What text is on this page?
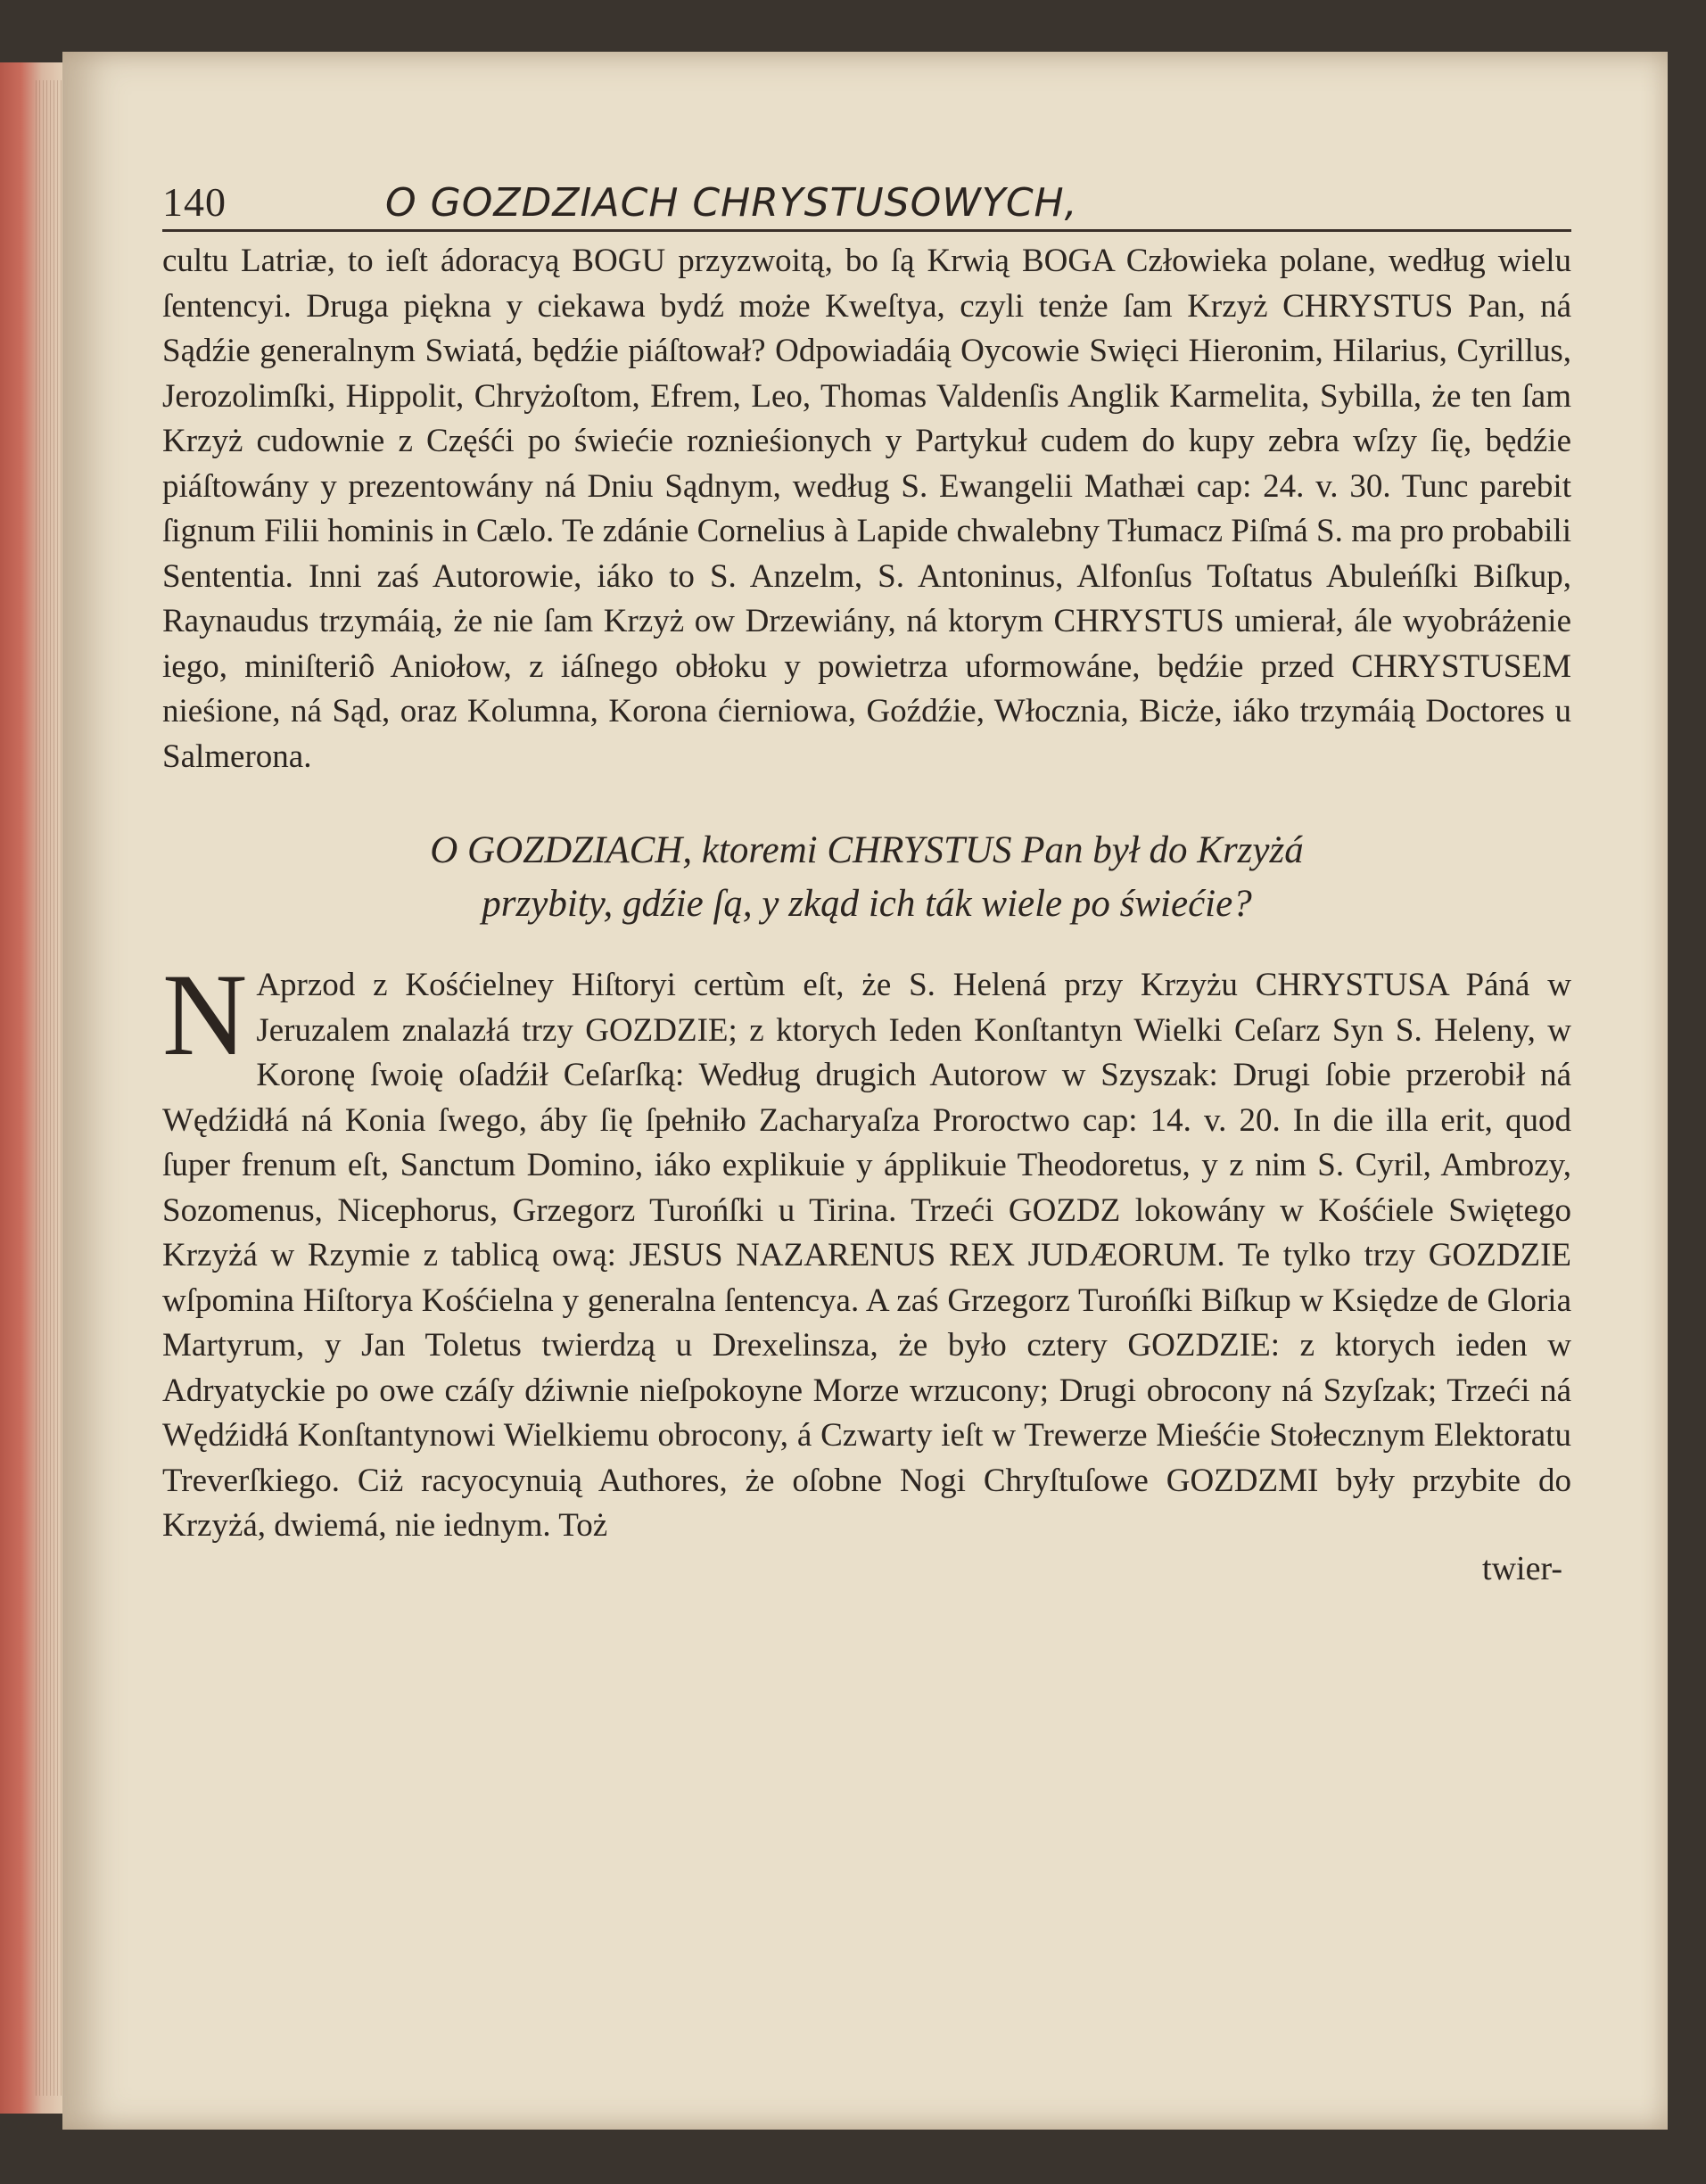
140	O GOZDZIACH CHRYSTUSOWYCH,

cultu Latriæ, to ieſt ádoracyą BOGU przyzwoitą, bo ſą Krwią BOGA Człowieka polane, według wielu ſentencyi. Druga piękna y ciekawa bydź może Kweſtya, czyli tenże ſam Krzyż CHRYSTUS Pan, ná Sądźie generalnym Swiatá, będźie piáſtował? Odpowiadáią Oycowie Swięci Hieronim, Hilarius, Cyrillus, Jerozolimſki, Hippolit, Chryżoſtom, Efrem, Leo, Thomas Valdenſis Anglik Karmelita, Sybilla, że ten ſam Krzyż cudownie z Częśći po świećie roznieśionych y Partykuł cudem do kupy zebra wſzy ſię, będźie piáſtowány y prezentowány ná Dniu Sądnym, według S. Ewangelii Mathæi cap: 24. v. 30. Tunc parebit ſignum Filii hominis in Cælo. Te zdánie Cornelius à Lapide chwalebny Tłumacz Piſmá S. ma pro probabili Sententia. Inni zaś Autorowie, iáko to S. Anzelm, S. Antoninus, Alfonſus Toſtatus Abuleńſki Biſkup, Raynaudus trzymáią, że nie ſam Krzyż ow Drzewiány, ná ktorym CHRYSTUS umierał, ále wyobráżenie iego, miniſteriô Aniołow, z iáſnego obłoku y powietrza uformowáne, będźie przed CHRYSTUSEM nieśione, ná Sąd, oraz Kolumna, Korona ćierniowa, Goźdźie, Włocznia, Bicże, iáko trzymáią Doctores u Salmerona.

O GOZDZIACH, ktoremi CHRYSTUS Pan był do Krzyżá
przybity, gdźie ſą, y zkąd ich ták wiele po świećie?
N Aprzod z Kośćielney Hiſtoryi certùm eſt, że S. Helená przy Krzyżu CHRYSTUSA Páná w Jeruzalem znalazłá trzy GOZDZIE; z ktorych Ieden Konſtantyn Wielki Ceſarz Syn S. Heleny, w Koronę ſwoię oſadźił Ceſarſką: Według drugich Autorow w Szyszak: Drugi ſobie przerobił ná Wędźidłá ná Konia ſwego, áby ſię ſpełniło Zacharyaſza Proroctwo cap: 14. v. 20. In die illa erit, quod ſuper frenum eſt, Sanctum Domino, iáko explikuie y ápplikuie Theodoretus, y z nim S. Cyril, Ambrozy, Sozomenus, Nicephorus, Grzegorz Turońſki u Tirina. Trzeći GOZDZ lokowány w Kośćiele Swiętego Krzyżá w Rzymie z tablicą ową: JESUS NAZARENUS REX JUDÆORUM. Te tylko trzy GOZDZIE wſpomina Hiſtorya Kośćielna y generalna ſentencya. A zaś Grzegorz Turońſki Biſkup w Księdze de Gloria Martyrum, y Jan Toletus twierdzą u Drexelinsza, że było cztery GOZDZIE: z ktorych ieden w Adryatyckie po owe czáſy dźiwnie nieſpokoyne Morze wrzucony; Drugi obrocony ná Szyſzak; Trzeći ná Wędźidłá Konſtantynowi Wielkiemu obrocony, á Czwarty ieſt w Trewerze Mieśćie Stołecznym Elektoratu Treverſkiego. Ciż racyocynuią Authores, że oſobne Nogi Chryſtuſowe GOZDZMI były przybite do Krzyżá, dwiemá, nie iednym. Toż

twier-
